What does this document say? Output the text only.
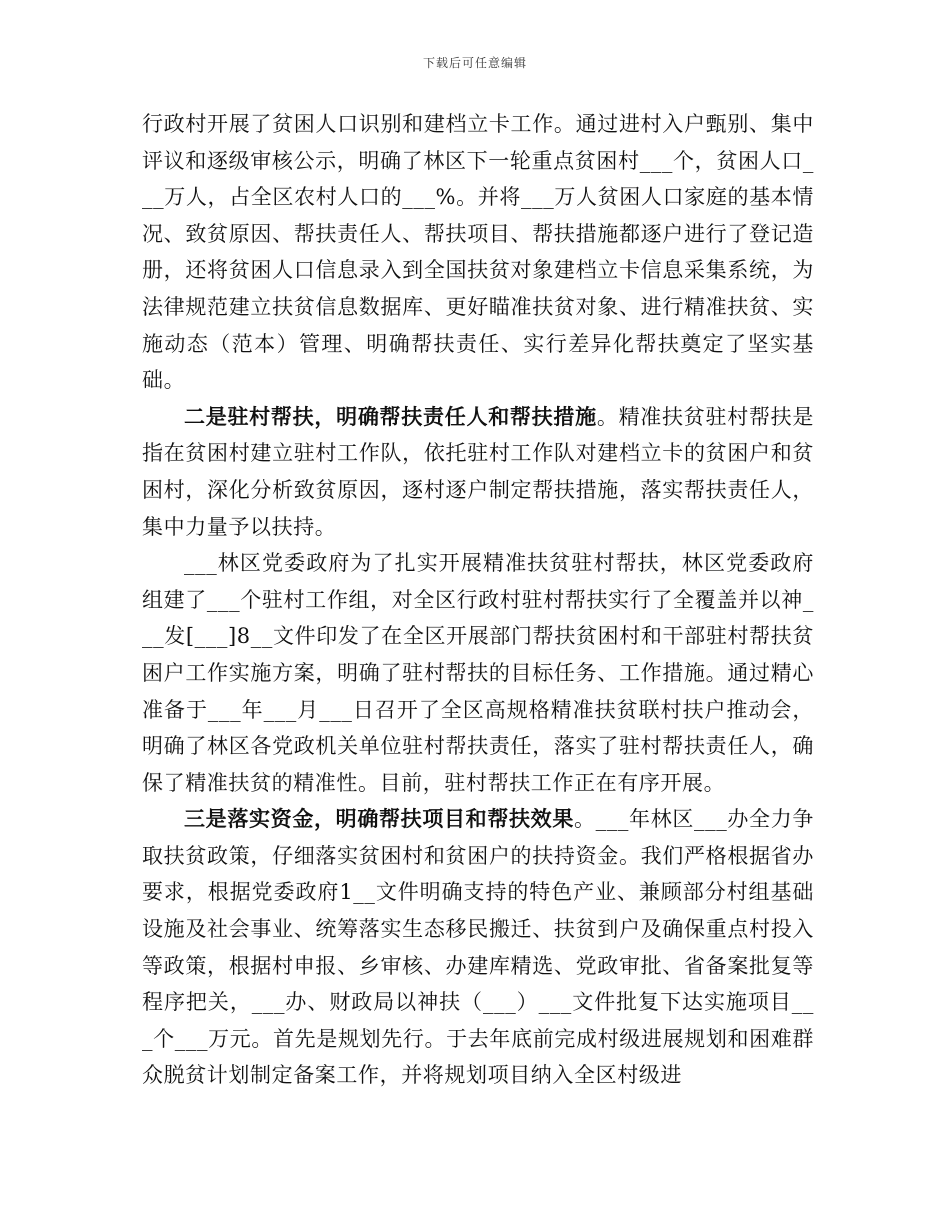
下载后可任意编辑

行政村开展了贫困人口识别和建档立卡工作。通过进村入户甄别、集中评议和逐级审核公示，明确了林区下一轮重点贫困村___个，贫困人口___万人，占全区农村人口的___%。并将___万人贫困人口家庭的基本情况、致贫原因、帮扶责任人、帮扶项目、帮扶措施都逐户进行了登记造册，还将贫困人口信息录入到全国扶贫对象建档立卡信息采集系统，为法律规范建立扶贫信息数据库、更好瞄准扶贫对象、进行精准扶贫、实施动态（范本）管理、明确帮扶责任、实行差异化帮扶奠定了坚实基础。

二是驻村帮扶，明确帮扶责任人和帮扶措施。精准扶贫驻村帮扶是指在贫困村建立驻村工作队，依托驻村工作队对建档立卡的贫困户和贫困村，深化分析致贫原因，逐村逐户制定帮扶措施，落实帮扶责任人，集中力量予以扶持。

___林区党委政府为了扎实开展精准扶贫驻村帮扶，林区党委政府组建了___个驻村工作组，对全区行政村驻村帮扶实行了全覆盖并以神___发[___]8__文件印发了在全区开展部门帮扶贫困村和干部驻村帮扶贫困户工作实施方案，明确了驻村帮扶的目标任务、工作措施。通过精心准备于___年___月___日召开了全区高规格精准扶贫联村扶户推动会，明确了林区各党政机关单位驻村帮扶责任，落实了驻村帮扶责任人，确保了精准扶贫的精准性。目前，驻村帮扶工作正在有序开展。

三是落实资金，明确帮扶项目和帮扶效果。___年林区___办全力争取扶贫政策，仔细落实贫困村和贫困户的扶持资金。我们严格根据省办要求，根据党委政府1__文件明确支持的特色产业、兼顾部分村组基础设施及社会事业、统筹落实生态移民搬迁、扶贫到户及确保重点村投入等政策，根据村申报、乡审核、办建库精选、党政审批、省备案批复等程序把关，___办、财政局以神扶（___）___文件批复下达实施项目___个___万元。首先是规划先行。于去年底前完成村级进展规划和困难群众脱贫计划制定备案工作，并将规划项目纳入全区村级进
